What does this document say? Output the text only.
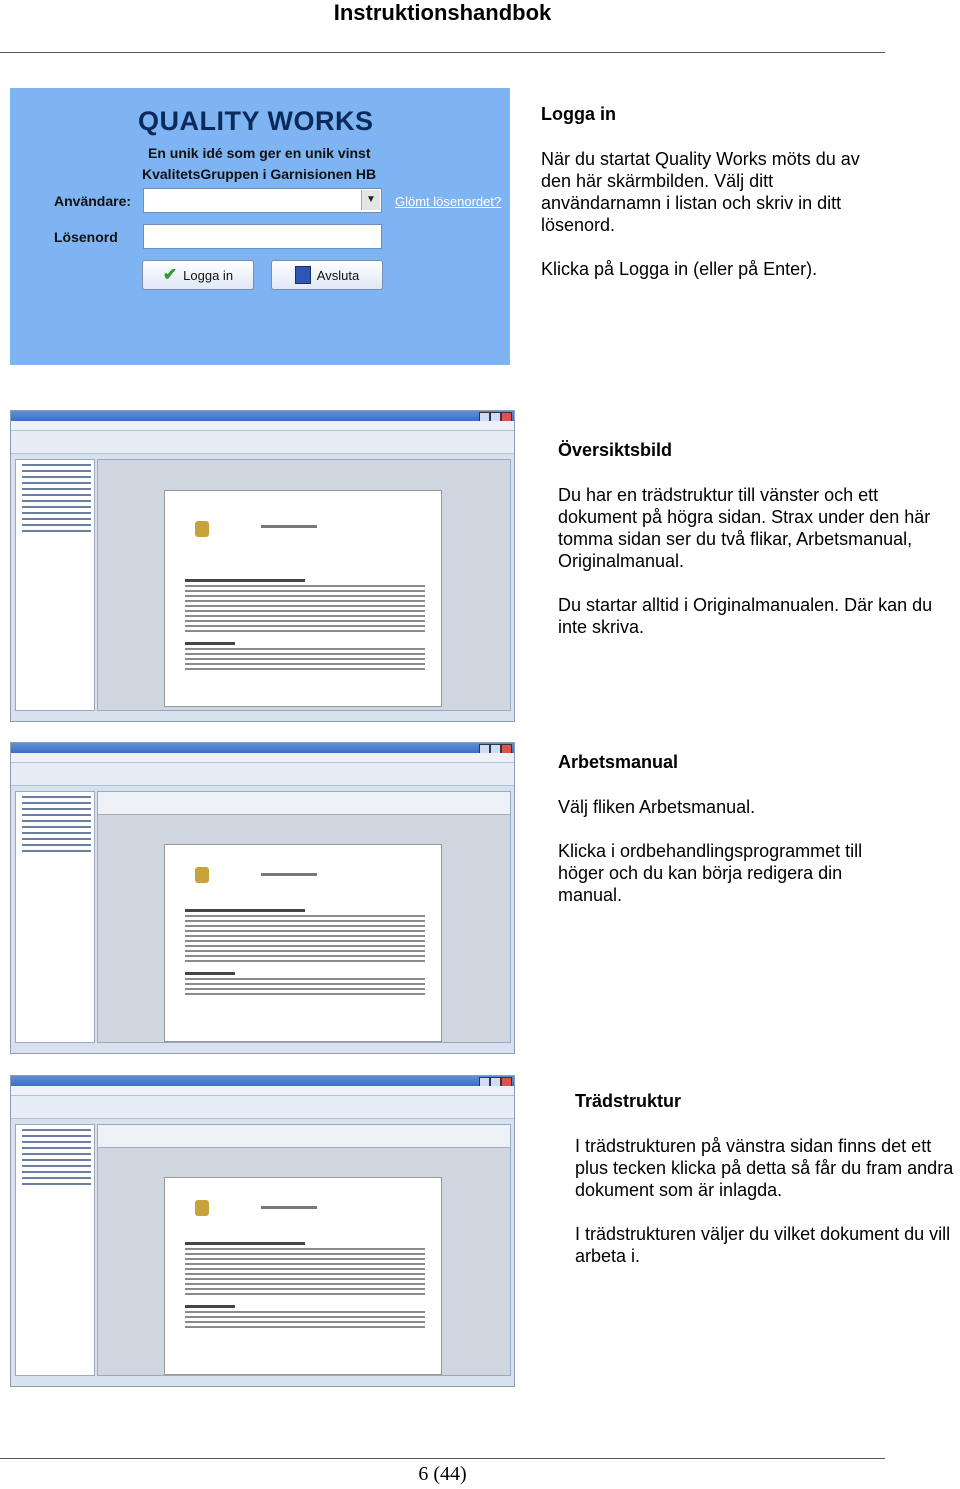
Instruktionshandbok
QUALITY WORKS
En unik idé som ger en unik vinst
KvalitetsGruppen i Garnisionen HB
Användare:	▼	Glömt lösenordet?
Lösenord
✔ Logga in	Avsluta
Logga in

När du startat Quality Works möts du av den här skärmbilden. Välj ditt användarnamn i listan och skriv in ditt lösenord.

Klicka på Logga in (eller på Enter).

Översiktsbild

Du har en trädstruktur till vänster och ett dokument på högra sidan. Strax under den här tomma sidan ser du två flikar, Arbetsmanual, Originalmanual.

Du startar alltid i Originalmanualen. Där kan du inte skriva.

Arbetsmanual

Välj fliken Arbetsmanual.

Klicka i ordbehandlingsprogrammet till höger och du kan börja redigera din manual.

Trädstruktur

I trädstrukturen på vänstra sidan finns det ett plus tecken klicka på detta så får du fram andra dokument som är inlagda.

I trädstrukturen väljer du vilket dokument du vill arbeta i.

6 (44)
